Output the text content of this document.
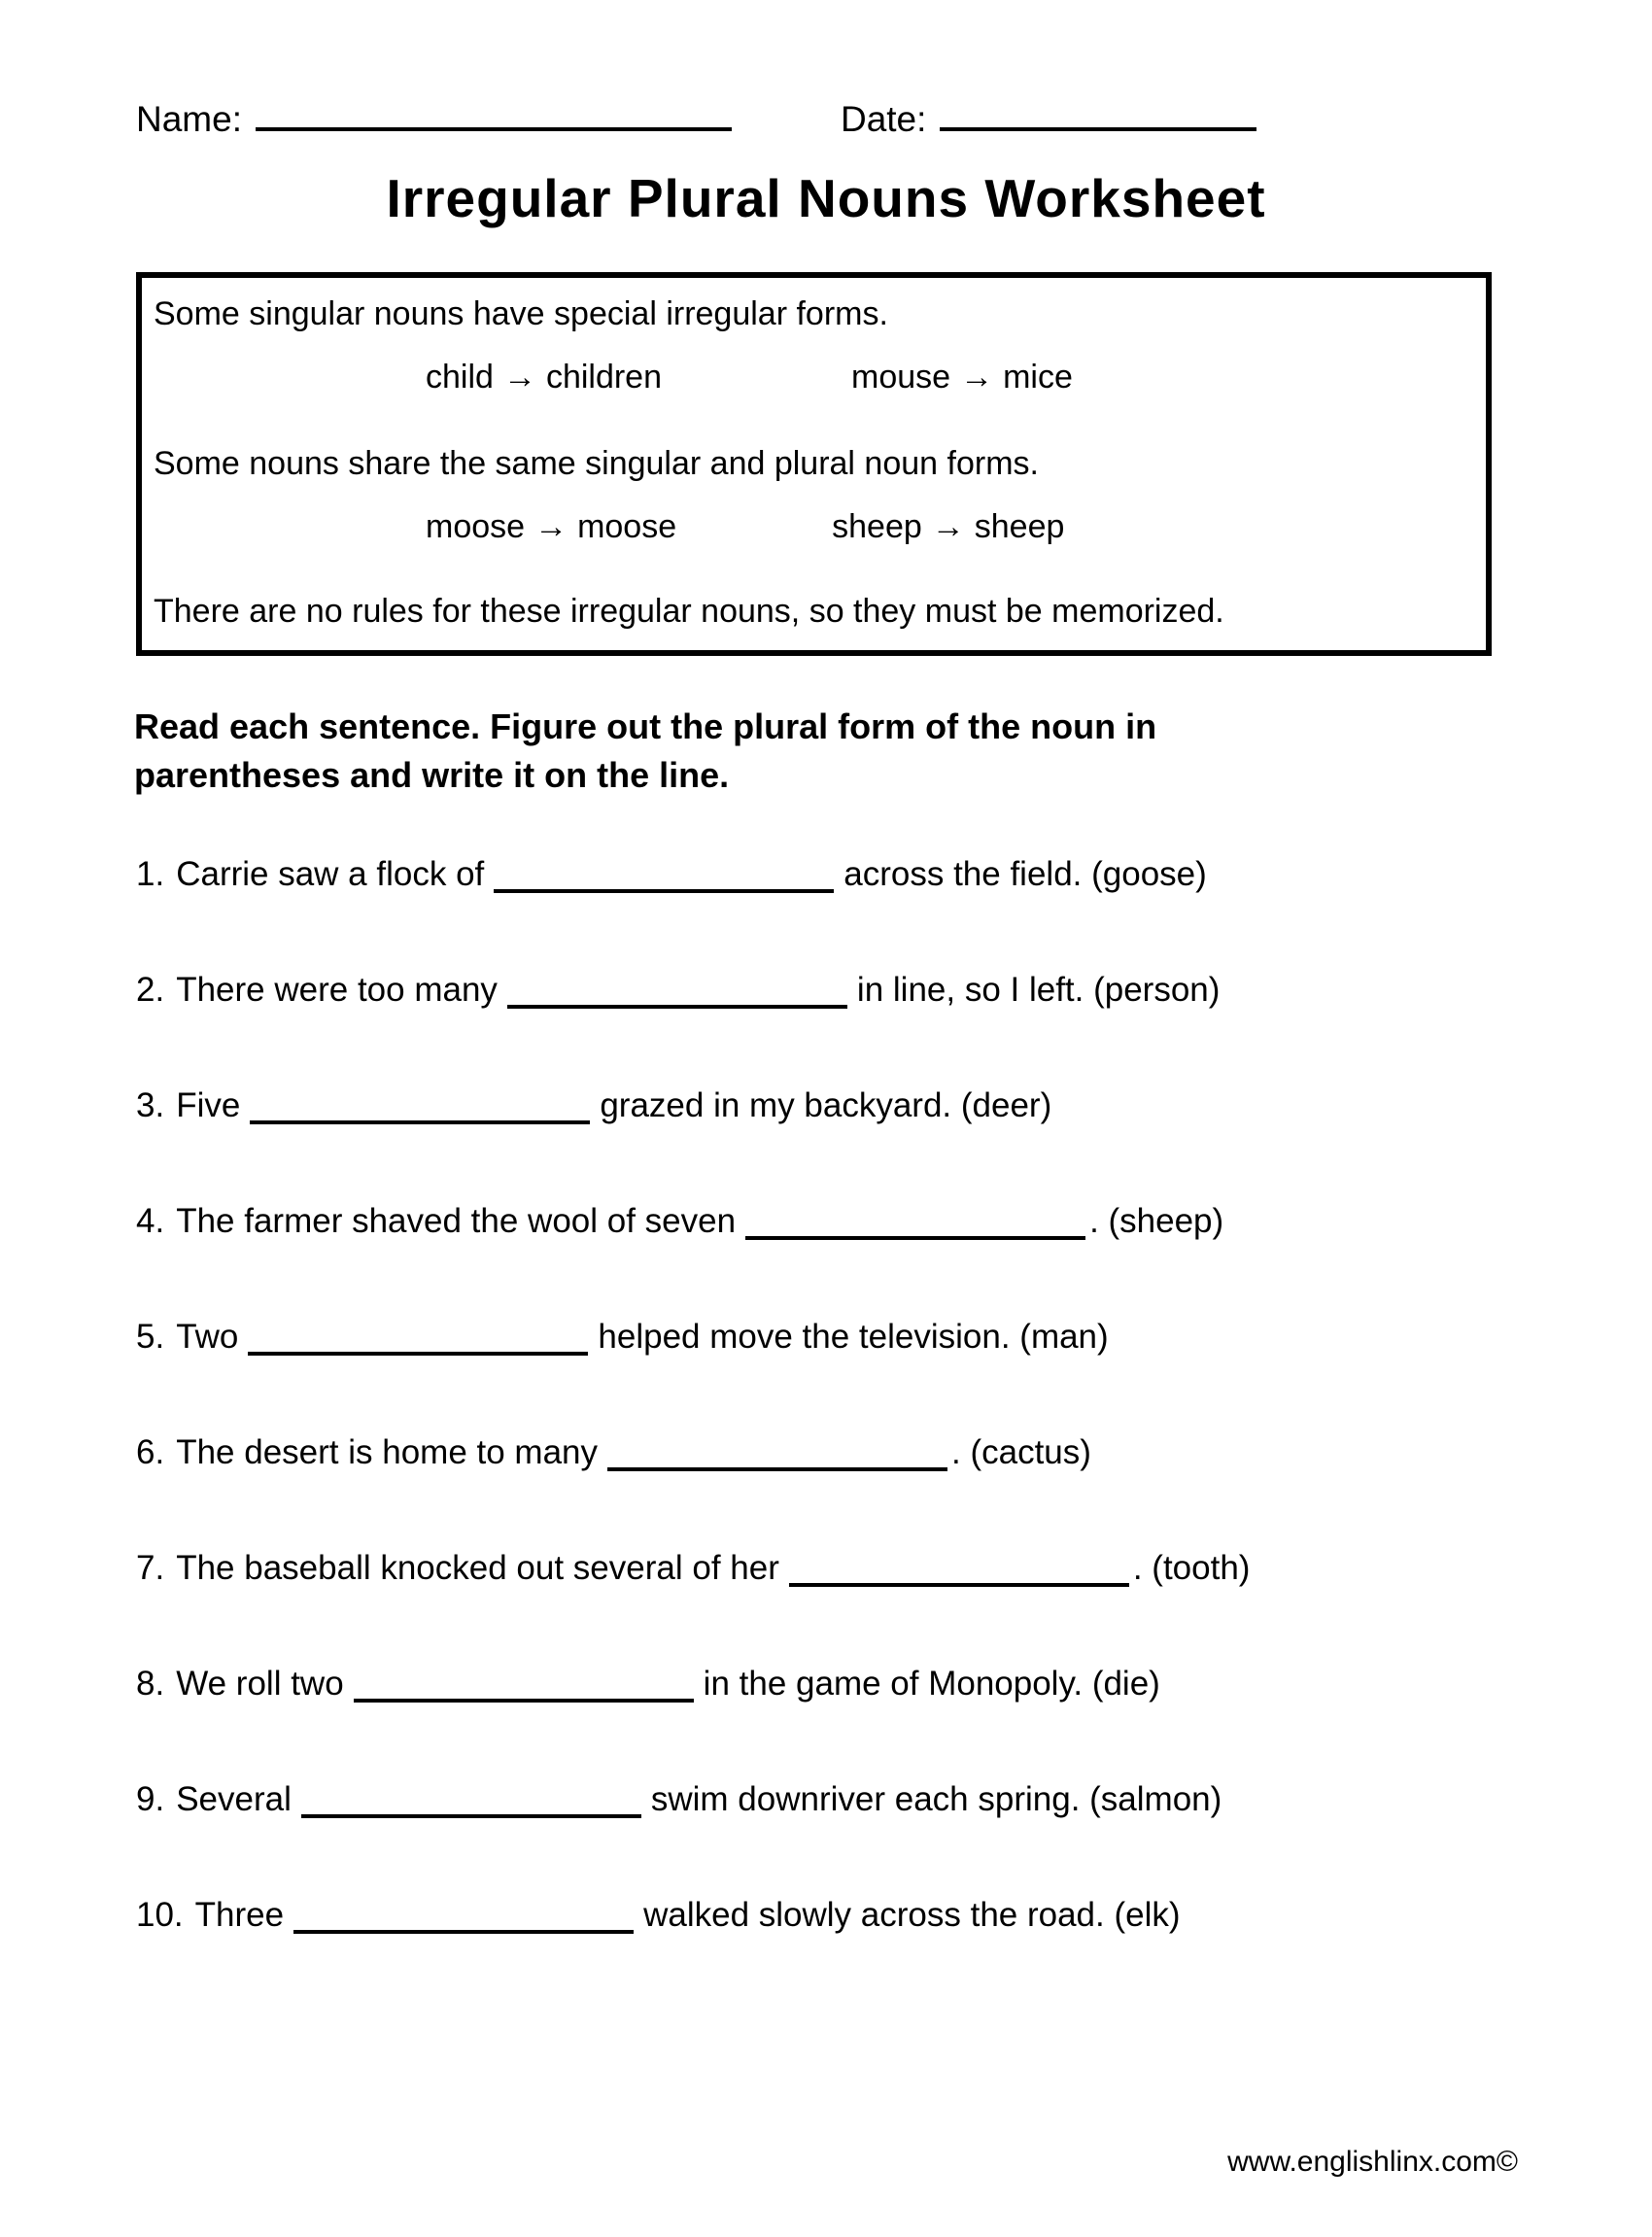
Name:	Date:
Irregular Plural Nouns Worksheet
Some singular nouns have special irregular forms.
child → children	mouse → mice
Some nouns share the same singular and plural noun forms.
moose → moose	sheep → sheep
There are no rules for these irregular nouns, so they must be memorized.
Read each sentence. Figure out the plural form of the noun in
parentheses and write it on the line.
1. Carrie saw a flock of	across the field. (goose)
2. There were too many	in line, so I left. (person)
3. Five	grazed in my backyard. (deer)
4. The farmer shaved the wool of seven	. (sheep)
5. Two	helped move the television. (man)
6. The desert is home to many	. (cactus)
7. The baseball knocked out several of her	. (tooth)
8. We roll two	in the game of Monopoly. (die)
9. Several	swim downriver each spring. (salmon)
10. Three	walked slowly across the road. (elk)
www.englishlinx.com©
